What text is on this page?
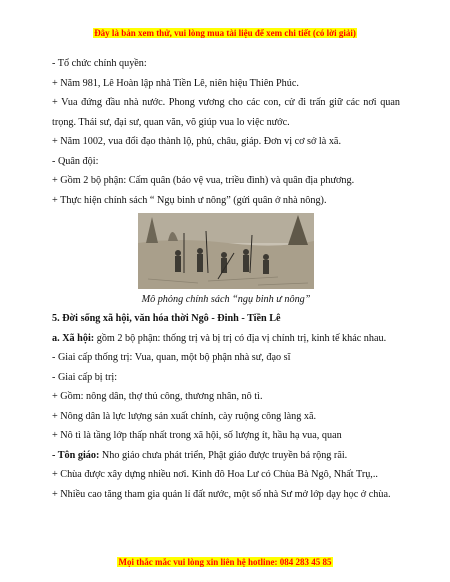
Đây là bản xem thử, vui lòng mua tài liệu để xem chi tiết (có lời giải)

- Tổ chức chính quyền:

+ Năm 981, Lê Hoàn lập nhà Tiền Lê, niên hiệu Thiên Phúc.

+ Vua đứng đầu nhà nước. Phong vương cho các con, cử đi trấn giữ các nơi quan trọng. Thái sư, đại sư, quan văn, võ giúp vua lo việc nước.

+ Năm 1002, vua đổi đạo thành lộ, phủ, châu, giáp. Đơn vị cơ sở là xã.

- Quân đội:

+ Gồm 2 bộ phận: Cấm quân (bảo vệ vua, triều đình) và quân địa phương.

+ Thực hiện chính sách “ Ngụ binh ư nông” (gửi quân ở nhà nông).

Mô phỏng chính sách “ngụ binh ư nông”

5. Đời sống xã hội, văn hóa thời Ngô - Đinh - Tiền Lê

a. Xã hội: gồm 2 bộ phận: thống trị và bị trị có địa vị chính trị, kinh tế khác nhau.

- Giai cấp thống trị: Vua, quan, một bộ phận nhà sư, đạo sĩ

- Giai cấp bị trị:

+ Gồm: nông dân, thợ thủ công, thương nhân, nô tì.

+ Nông dân là lực lượng sản xuất chính, cày ruộng công làng xã.

+ Nô tì là tầng lớp thấp nhất trong xã hội, số lượng ít, hầu hạ vua, quan

- Tôn giáo: Nho giáo chưa phát triển, Phật giáo được truyền bá rộng rãi.

+ Chùa được xây dựng nhiều nơi. Kinh đô Hoa Lư có Chùa Bà Ngô, Nhất Trụ,..

+ Nhiều cao tăng tham gia quản lí đất nước, một số nhà Sư mở lớp dạy học ở chùa.

Mọi thắc mắc vui lòng xin liên hệ hotline: 084 283 45 85
